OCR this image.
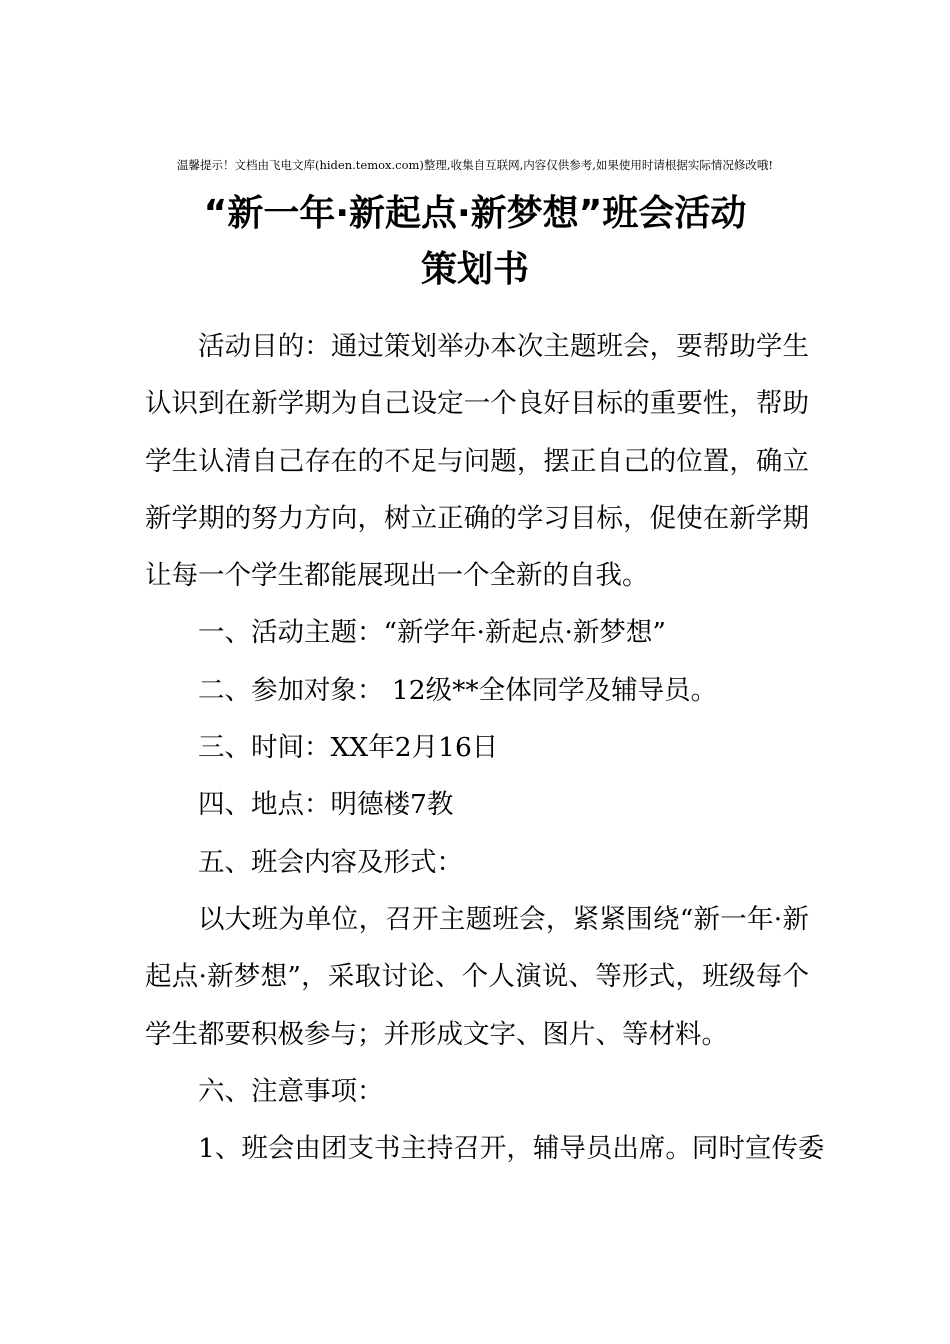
温馨提示！文档由飞电文库(hiden.temox.com)整理,收集自互联网,内容仅供参考,如果使用时请根据实际情况修改哦!
“新一年·新起点·新梦想”班会活动
策划书

活动目的：通过策划举办本次主题班会，要帮助学生认识到在新学期为自己设定一个良好目标的重要性，帮助学生认清自己存在的不足与问题，摆正自己的位置，确立新学期的努力方向，树立正确的学习目标，促使在新学期让每一个学生都能展现出一个全新的自我。

一、活动主题：“新学年·新起点·新梦想”

二、参加对象： 12级**全体同学及辅导员。

三、时间：XX年2月16日

四、地点：明德楼7教

五、班会内容及形式：

以大班为单位，召开主题班会，紧紧围绕“新一年·新起点·新梦想”，采取讨论、个人演说、等形式，班级每个学生都要积极参与；并形成文字、图片、等材料。

六、注意事项：

1、班会由团支书主持召开，辅导员出席。同时宣传委
